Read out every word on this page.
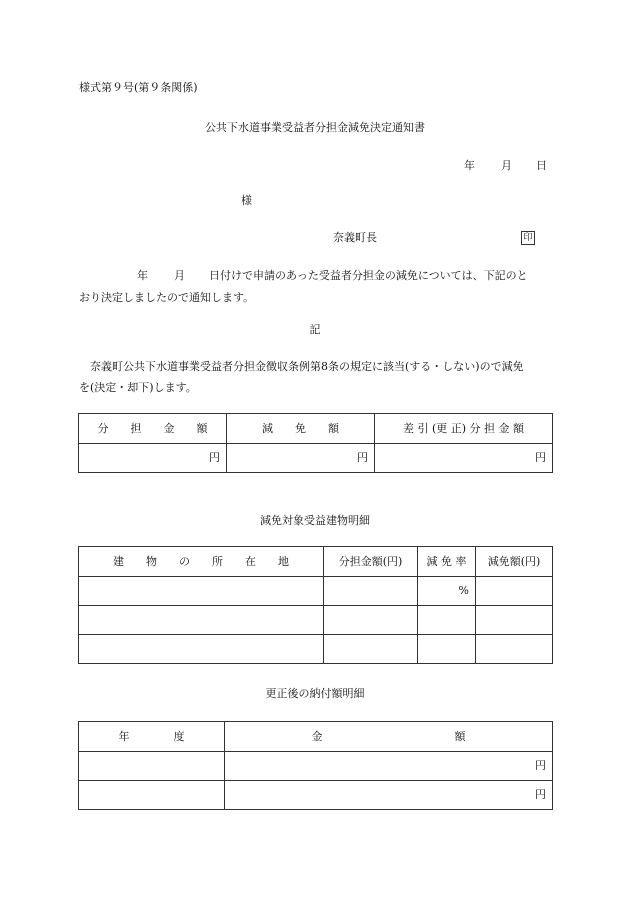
様式第９号(第９条関係)
公共下水道事業受益者分担金減免決定通知書
年 月 日
様
奈義町長	印
年 月 日付けで申請のあった受益者分担金の減免については、下記のと
おり決定しましたので通知します。
記
奈義町公共下水道事業受益者分担金徴収条例第8条の規定に該当(する・しない)ので減免
を(決定・却下)します。
分　　担　　金　　額	減　　免　　額	差 引 (更 正) 分 担 金 額
円	円	円
減免対象受益建物明細
建　　物　　の　　所　　在　　地	分担金額(円)	減 免 率	減免額(円)
		%	

更正後の納付額明細
年　　　　度	金　　　　　　　　　　　　額
	円
	円
